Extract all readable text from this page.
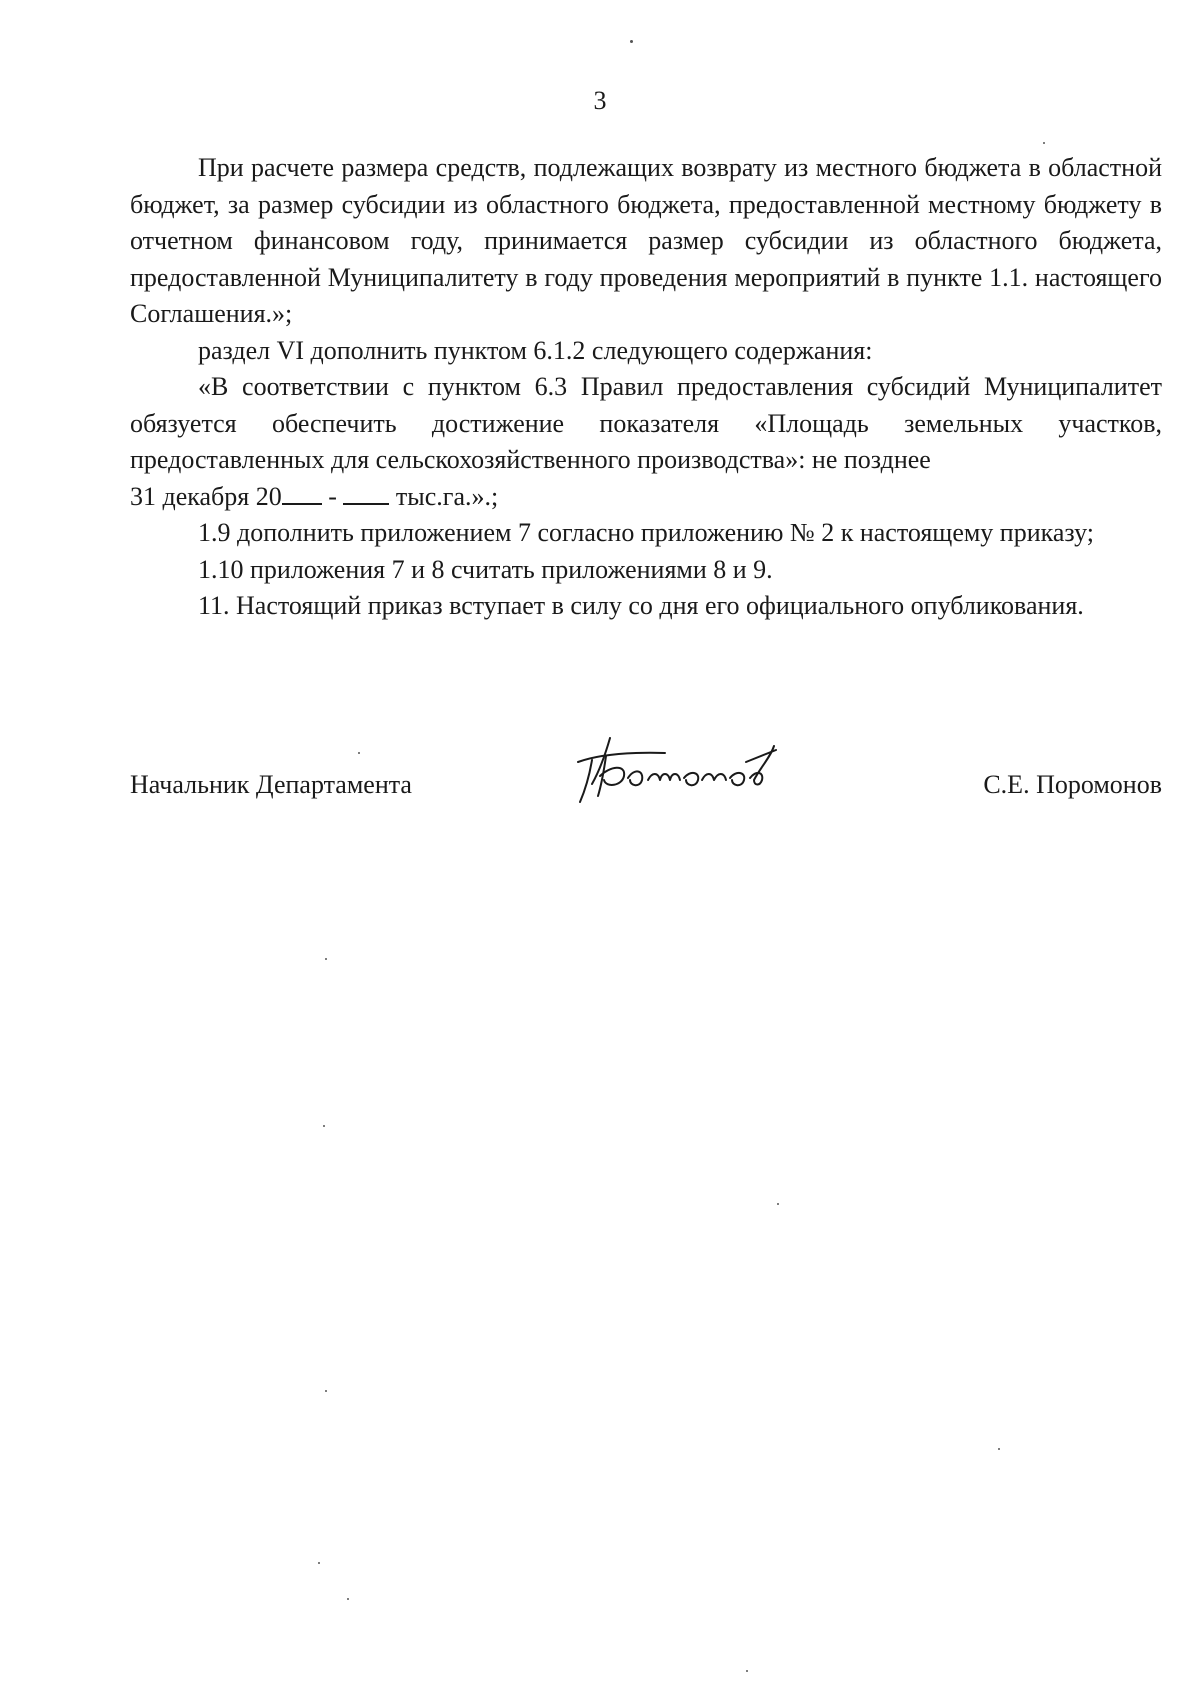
3

При расчете размера средств, подлежащих возврату из местного бюджета в областной бюджет, за размер субсидии из областного бюджета, предоставленной местному бюджету в отчетном финансовом году, принимается размер субсидии из областного бюджета, предоставленной Муниципалитету в году проведения мероприятий в пункте 1.1. настоящего Соглашения.»;

раздел VI дополнить пунктом 6.1.2 следующего содержания:

«В соответствии с пунктом 6.3 Правил предоставления субсидий Муниципалитет обязуется обеспечить достижение показателя «Площадь земельных участков, предоставленных для сельскохозяйственного производства»: не позднее

31 декабря 20 - тыс.га.».;

1.9 дополнить приложением 7 согласно приложению № 2 к настоящему приказу;

1.10 приложения 7 и 8 считать приложениями 8 и 9.

11. Настоящий приказ вступает в силу со дня его официального опубликования.

Начальник Департамента	С.Е. Поромонов
